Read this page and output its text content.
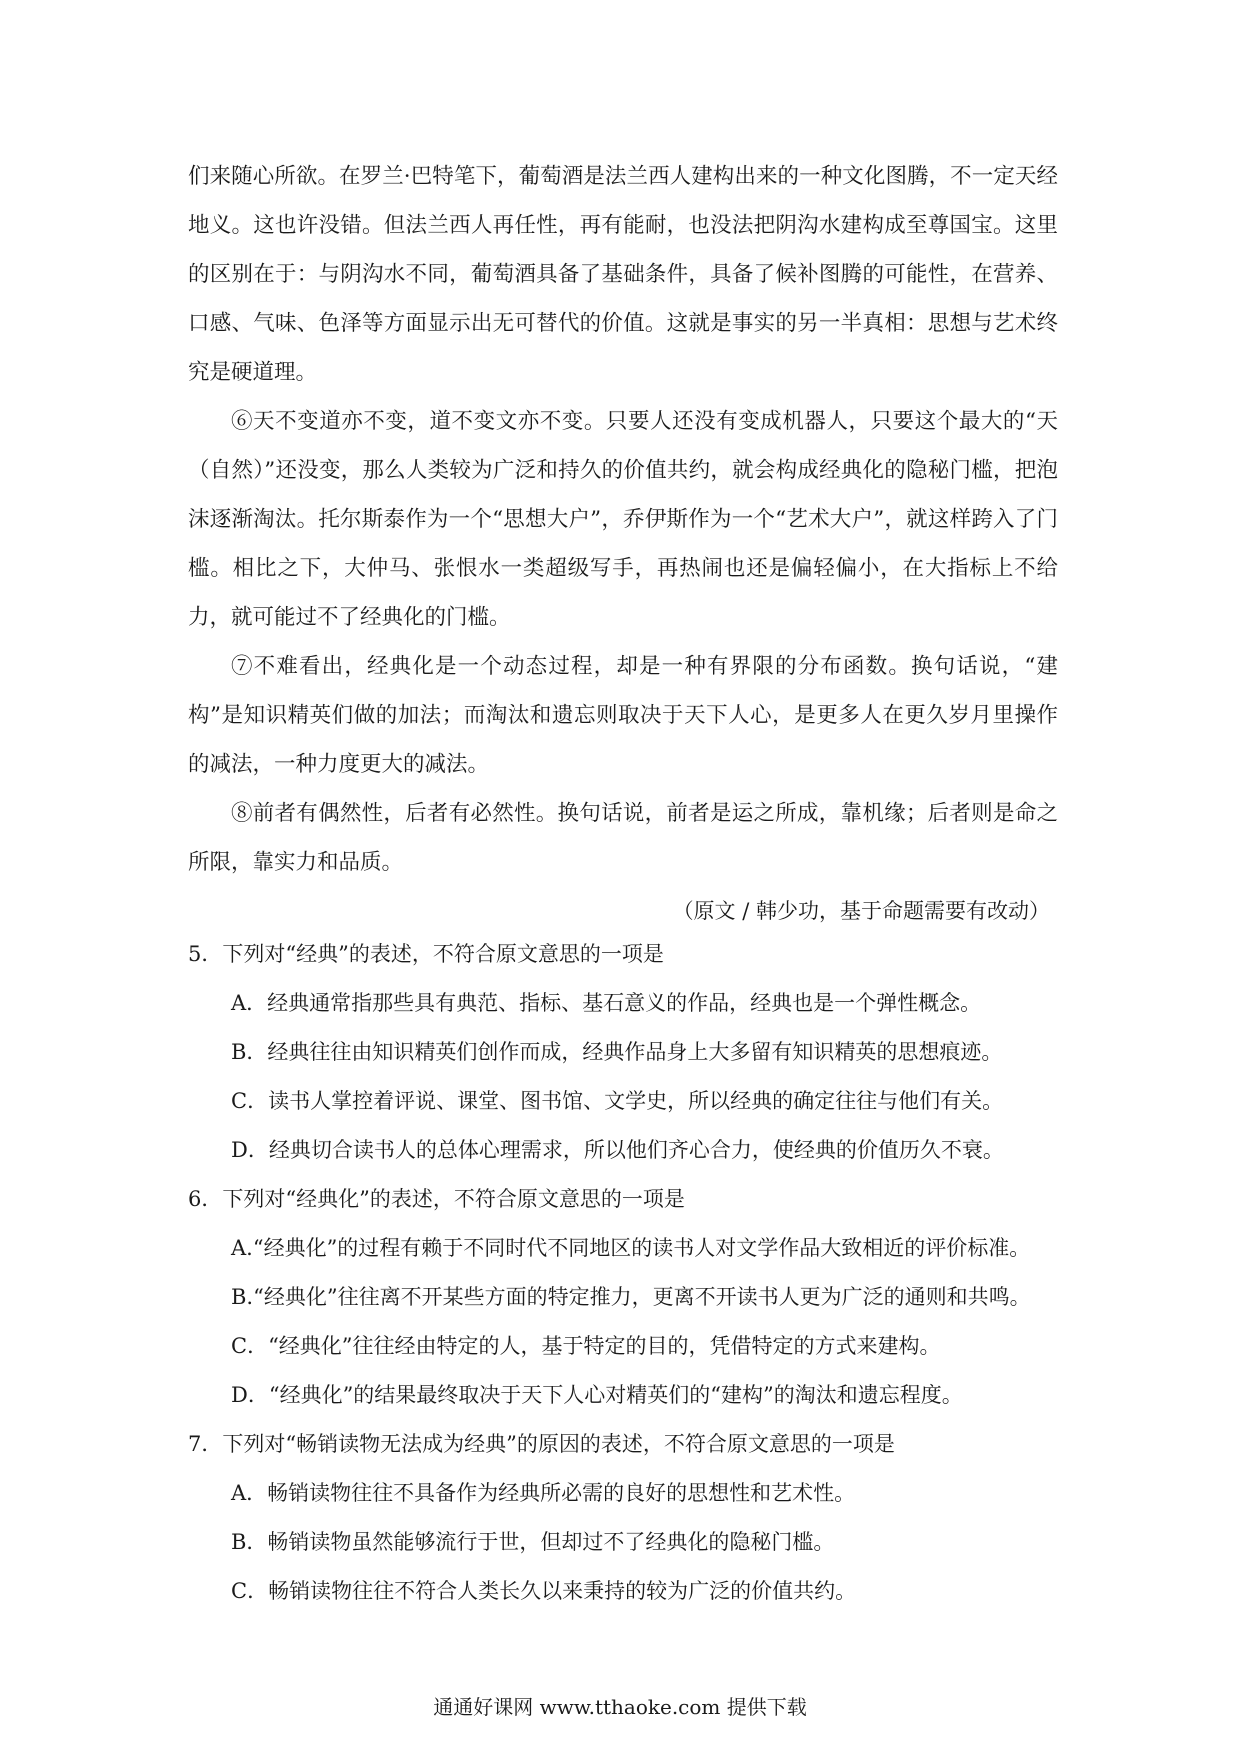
们来随心所欲。在罗兰·巴特笔下，葡萄酒是法兰西人建构出来的一种文化图腾，不一定天经地义。这也许没错。但法兰西人再任性，再有能耐，也没法把阴沟水建构成至尊国宝。这里的区别在于：与阴沟水不同，葡萄酒具备了基础条件，具备了候补图腾的可能性，在营养、口感、气味、色泽等方面显示出无可替代的价值。这就是事实的另一半真相：思想与艺术终究是硬道理。

⑥天不变道亦不变，道不变文亦不变。只要人还没有变成机器人，只要这个最大的“天（自然）”还没变，那么人类较为广泛和持久的价值共约，就会构成经典化的隐秘门槛，把泡沫逐渐淘汰。托尔斯泰作为一个“思想大户”，乔伊斯作为一个“艺术大户”，就这样跨入了门槛。相比之下，大仲马、张恨水一类超级写手，再热闹也还是偏轻偏小，在大指标上不给力，就可能过不了经典化的门槛。

⑦不难看出，经典化是一个动态过程，却是一种有界限的分布函数。换句话说，“建构”是知识精英们做的加法；而淘汰和遗忘则取决于天下人心，是更多人在更久岁月里操作的减法，一种力度更大的减法。

⑧前者有偶然性，后者有必然性。换句话说，前者是运之所成，靠机缘；后者则是命之所限，靠实力和品质。

（原文 / 韩少功，基于命题需要有改动）

5．下列对“经典”的表述，不符合原文意思的一项是

A．经典通常指那些具有典范、指标、基石意义的作品，经典也是一个弹性概念。

B．经典往往由知识精英们创作而成，经典作品身上大多留有知识精英的思想痕迹。

C．读书人掌控着评说、课堂、图书馆、文学史，所以经典的确定往往与他们有关。

D．经典切合读书人的总体心理需求，所以他们齐心合力，使经典的价值历久不衰。

6．下列对“经典化”的表述，不符合原文意思的一项是

A.“经典化”的过程有赖于不同时代不同地区的读书人对文学作品大致相近的评价标准。

B.“经典化”往往离不开某些方面的特定推力，更离不开读书人更为广泛的通则和共鸣。

C．“经典化”往往经由特定的人，基于特定的目的，凭借特定的方式来建构。

D．“经典化”的结果最终取决于天下人心对精英们的“建构”的淘汰和遗忘程度。

7．下列对“畅销读物无法成为经典”的原因的表述，不符合原文意思的一项是

A．畅销读物往往不具备作为经典所必需的良好的思想性和艺术性。

B．畅销读物虽然能够流行于世，但却过不了经典化的隐秘门槛。

C．畅销读物往往不符合人类长久以来秉持的较为广泛的价值共约。

通通好课网 www.tthaoke.com 提供下载
